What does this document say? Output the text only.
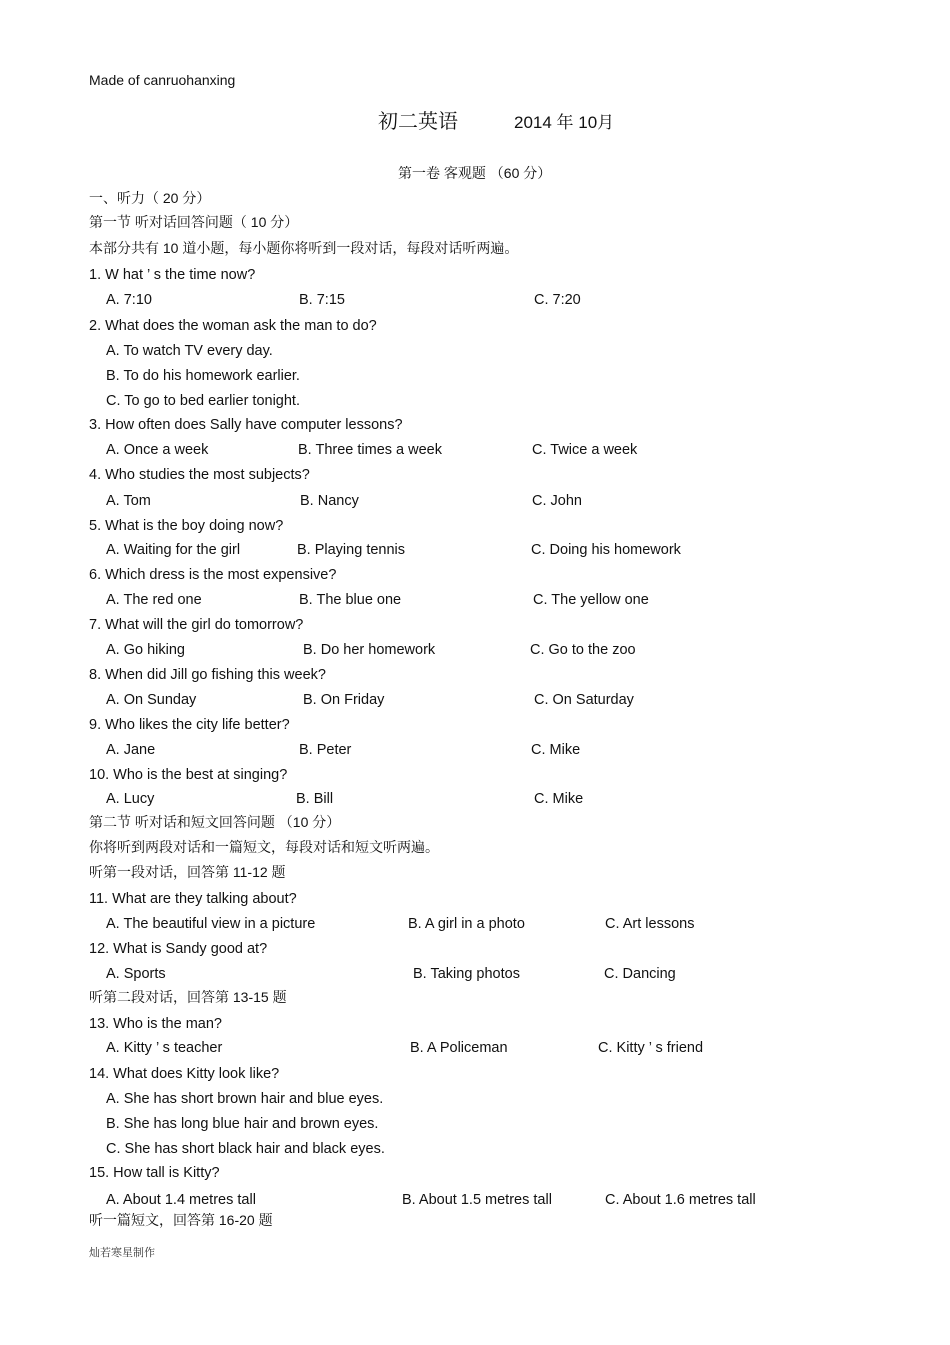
Made of canruohanxing
初二英语	2014 年 10月
第一卷 客观题 （60 分）
一、听力（ 20 分）
第一节 听对话回答问题（ 10 分）
本部分共有 10 道小题，每小题你将听到一段对话，每段对话听两遍。
1. W hat ’ s the time now?
A. 7:10	B. 7:15	C. 7:20
2. What does the woman ask the man to do?
A. To watch TV every day.
B. To do his homework earlier.
C. To go to bed earlier tonight.
3. How often does Sally have computer lessons?
A. Once a week	B. Three times a week	C. Twice a week
4. Who studies the most subjects?
A. Tom	B. Nancy	C. John
5. What is the boy doing now?
A. Waiting for the girl	B. Playing tennis	C. Doing his homework
6. Which dress is the most expensive?
A. The red one	B. The blue one	C. The yellow one
7. What will the girl do tomorrow?
A. Go hiking	B. Do her homework	C. Go to the zoo
8. When did Jill go fishing this week?
A. On Sunday	B. On Friday	C. On Saturday
9. Who likes the city life better?
A. Jane	B. Peter	C. Mike
10. Who is the best at singing?
A. Lucy	B. Bill	C. Mike
第二节 听对话和短文回答问题 （10 分）
你将听到两段对话和一篇短文，每段对话和短文听两遍。
听第一段对话，回答第 11-12 题
11. What are they talking about?
A. The beautiful view in a picture	B. A girl in a photo	C. Art lessons
12. What is Sandy good at?
A. Sports	B. Taking photos	C. Dancing
听第二段对话，回答第 13-15 题
13. Who is the man?
A. Kitty ’ s teacher	B. A Policeman	C. Kitty ’ s friend
14. What does Kitty look like?
A. She has short brown hair and blue eyes.
B. She has long blue hair and brown eyes.
C. She has short black hair and black eyes.
15. How tall is Kitty?
A. About 1.4 metres tall	B. About 1.5 metres tall	C. About 1.6 metres tall
听一篇短文，回答第 16-20 题
灿若寒星制作
